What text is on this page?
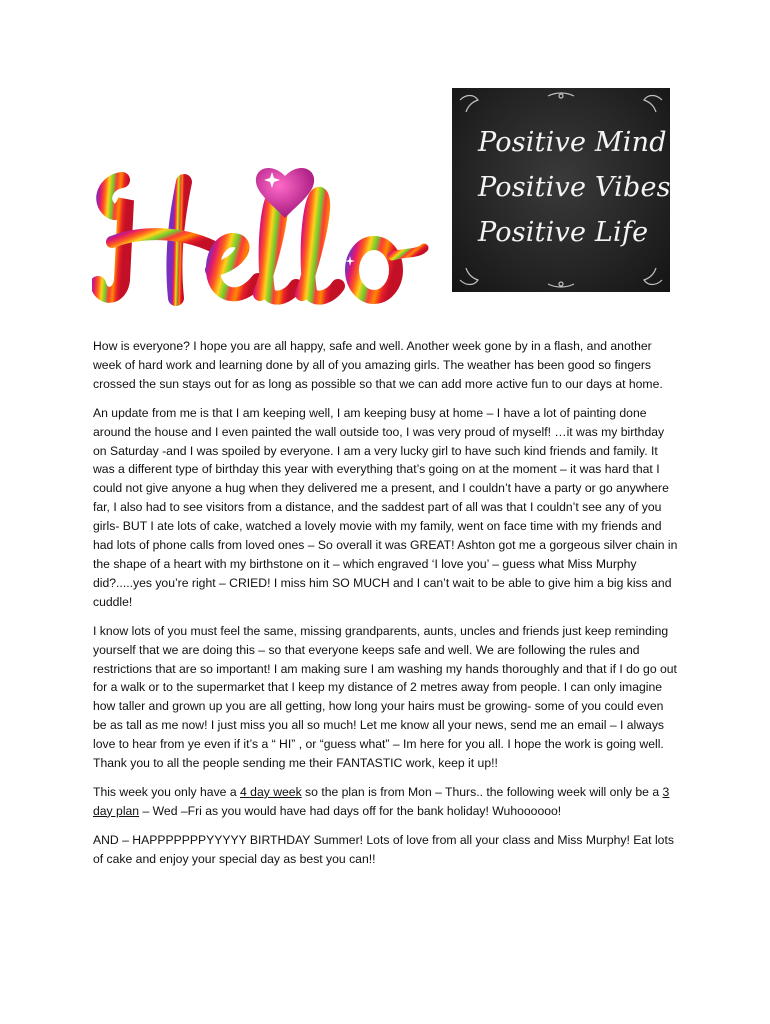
Positive Mind
Positive Vibes
Positive Life

How is everyone? I hope you are all happy, safe and well. Another week gone by in a flash, and another week of hard work and learning done by all of you amazing girls. The weather has been good so fingers crossed the sun stays out for as long as possible so that we can add more active fun to our days at home.

An update from me is that I am keeping well, I am keeping busy at home – I have a lot of painting done around the house and I even painted the wall outside too, I was very proud of myself! …it was my birthday on Saturday -and I was spoiled by everyone. I am a very lucky girl to have such kind friends and family. It was a different type of birthday this year with everything that’s going on at the moment – it was hard that I could not give anyone a hug when they delivered me a present, and I couldn’t have a party or go anywhere far, I also had to see visitors from a distance, and the saddest part of all was that I couldn’t see any of you girls- BUT I ate lots of cake, watched a lovely movie with my family, went on face time with my friends and had lots of phone calls from loved ones – So overall it was GREAT! Ashton got me a gorgeous silver chain in the shape of a heart with my birthstone on it – which engraved ‘I love you’ – guess what Miss Murphy did?.....yes you’re right – CRIED! I miss him SO MUCH and I can’t wait to be able to give him a big kiss and cuddle!

I know lots of you must feel the same, missing grandparents, aunts, uncles and friends just keep reminding yourself that we are doing this – so that everyone keeps safe and well. We are following the rules and restrictions that are so important! I am making sure I am washing my hands thoroughly and that if I do go out for a walk or to the supermarket that I keep my distance of 2 metres away from people. I can only imagine how taller and grown up you are all getting, how long your hairs must be growing- some of you could even be as tall as me now! I just miss you all so much! Let me know all your news, send me an email – I always love to hear from ye even if it’s a “ HI” , or “guess what” – Im here for you all. I hope the work is going well. Thank you to all the people sending me their FANTASTIC work, keep it up!!

This week you only have a 4 day week so the plan is from Mon – Thurs.. the following week will only be a 3 day plan – Wed –Fri as you would have had days off for the bank holiday! Wuhoooooo!

AND – HAPPPPPPPYYYYY BIRTHDAY Summer! Lots of love from all your class and Miss Murphy! Eat lots of cake and enjoy your special day as best you can!!
